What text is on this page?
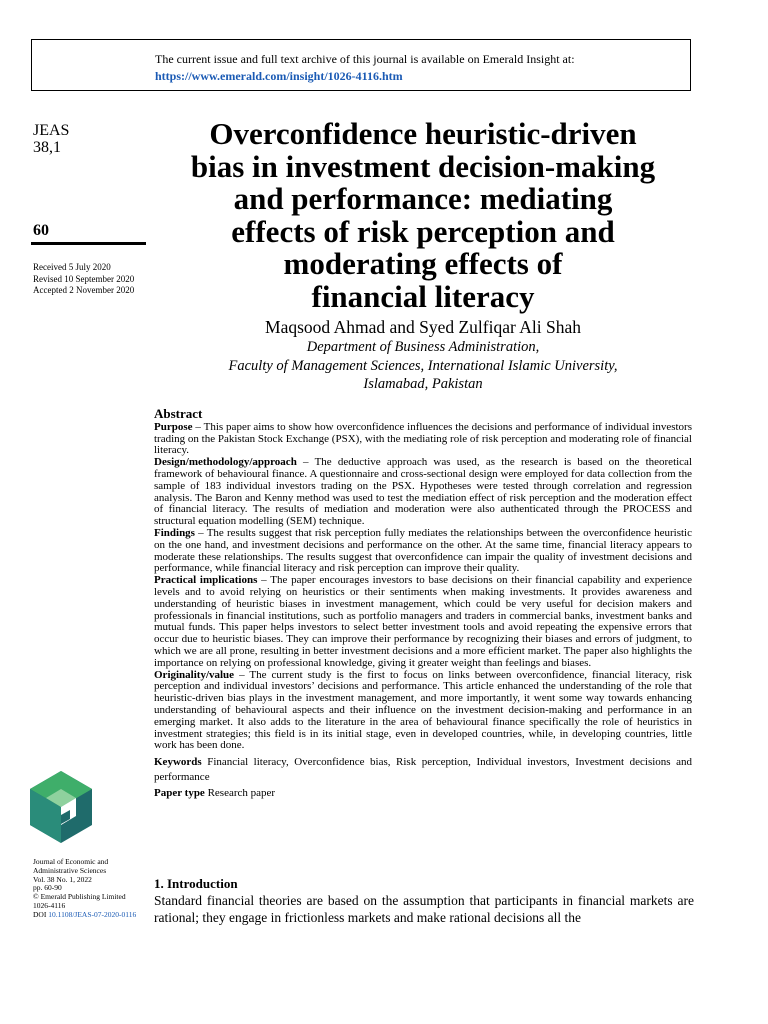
The current issue and full text archive of this journal is available on Emerald Insight at:
https://www.emerald.com/insight/1026-4116.htm
JEAS
38,1
60
Received 5 July 2020
Revised 10 September 2020
Accepted 2 November 2020
Journal of Economic and
Administrative Sciences
Vol. 38 No. 1, 2022
pp. 60-90
© Emerald Publishing Limited
1026-4116
DOI 10.1108/JEAS-07-2020-0116
Overconfidence heuristic-driven
bias in investment decision-making
and performance: mediating
effects of risk perception and
moderating effects of
financial literacy
Maqsood Ahmad and Syed Zulfiqar Ali Shah
Department of Business Administration,
Faculty of Management Sciences, International Islamic University,
Islamabad, Pakistan
Abstract

Purpose – This paper aims to show how overconfidence influences the decisions and performance of individual investors trading on the Pakistan Stock Exchange (PSX), with the mediating role of risk perception and moderating role of financial literacy.

Design/methodology/approach – The deductive approach was used, as the research is based on the theoretical framework of behavioural finance. A questionnaire and cross-sectional design were employed for data collection from the sample of 183 individual investors trading on the PSX. Hypotheses were tested through correlation and regression analysis. The Baron and Kenny method was used to test the mediation effect of risk perception and the moderation effect of financial literacy. The results of mediation and moderation were also authenticated through the PROCESS and structural equation modelling (SEM) technique.

Findings – The results suggest that risk perception fully mediates the relationships between the overconfidence heuristic on the one hand, and investment decisions and performance on the other. At the same time, financial literacy appears to moderate these relationships. The results suggest that overconfidence can impair the quality of investment decisions and performance, while financial literacy and risk perception can improve their quality.

Practical implications – The paper encourages investors to base decisions on their financial capability and experience levels and to avoid relying on heuristics or their sentiments when making investments. It provides awareness and understanding of heuristic biases in investment management, which could be very useful for decision makers and professionals in financial institutions, such as portfolio managers and traders in commercial banks, investment banks and mutual funds. This paper helps investors to select better investment tools and avoid repeating the expensive errors that occur due to heuristic biases. They can improve their performance by recognizing their biases and errors of judgment, to which we are all prone, resulting in better investment decisions and a more efficient market. The paper also highlights the importance on relying on professional knowledge, giving it greater weight than feelings and biases.

Originality/value – The current study is the first to focus on links between overconfidence, financial literacy, risk perception and individual investors’ decisions and performance. This article enhanced the understanding of the role that heuristic-driven bias plays in the investment management, and more importantly, it went some way towards enhancing understanding of behavioural aspects and their influence on the investment decision-making and performance in an emerging market. It also adds to the literature in the area of behavioural finance specifically the role of heuristics in investment strategies; this field is in its initial stage, even in developed countries, while, in developing countries, little work has been done.

Keywords Financial literacy, Overconfidence bias, Risk perception, Individual investors, Investment decisions and performance

Paper type Research paper

1. Introduction
Standard financial theories are based on the assumption that participants in financial markets are rational; they engage in frictionless markets and make rational decisions all the
